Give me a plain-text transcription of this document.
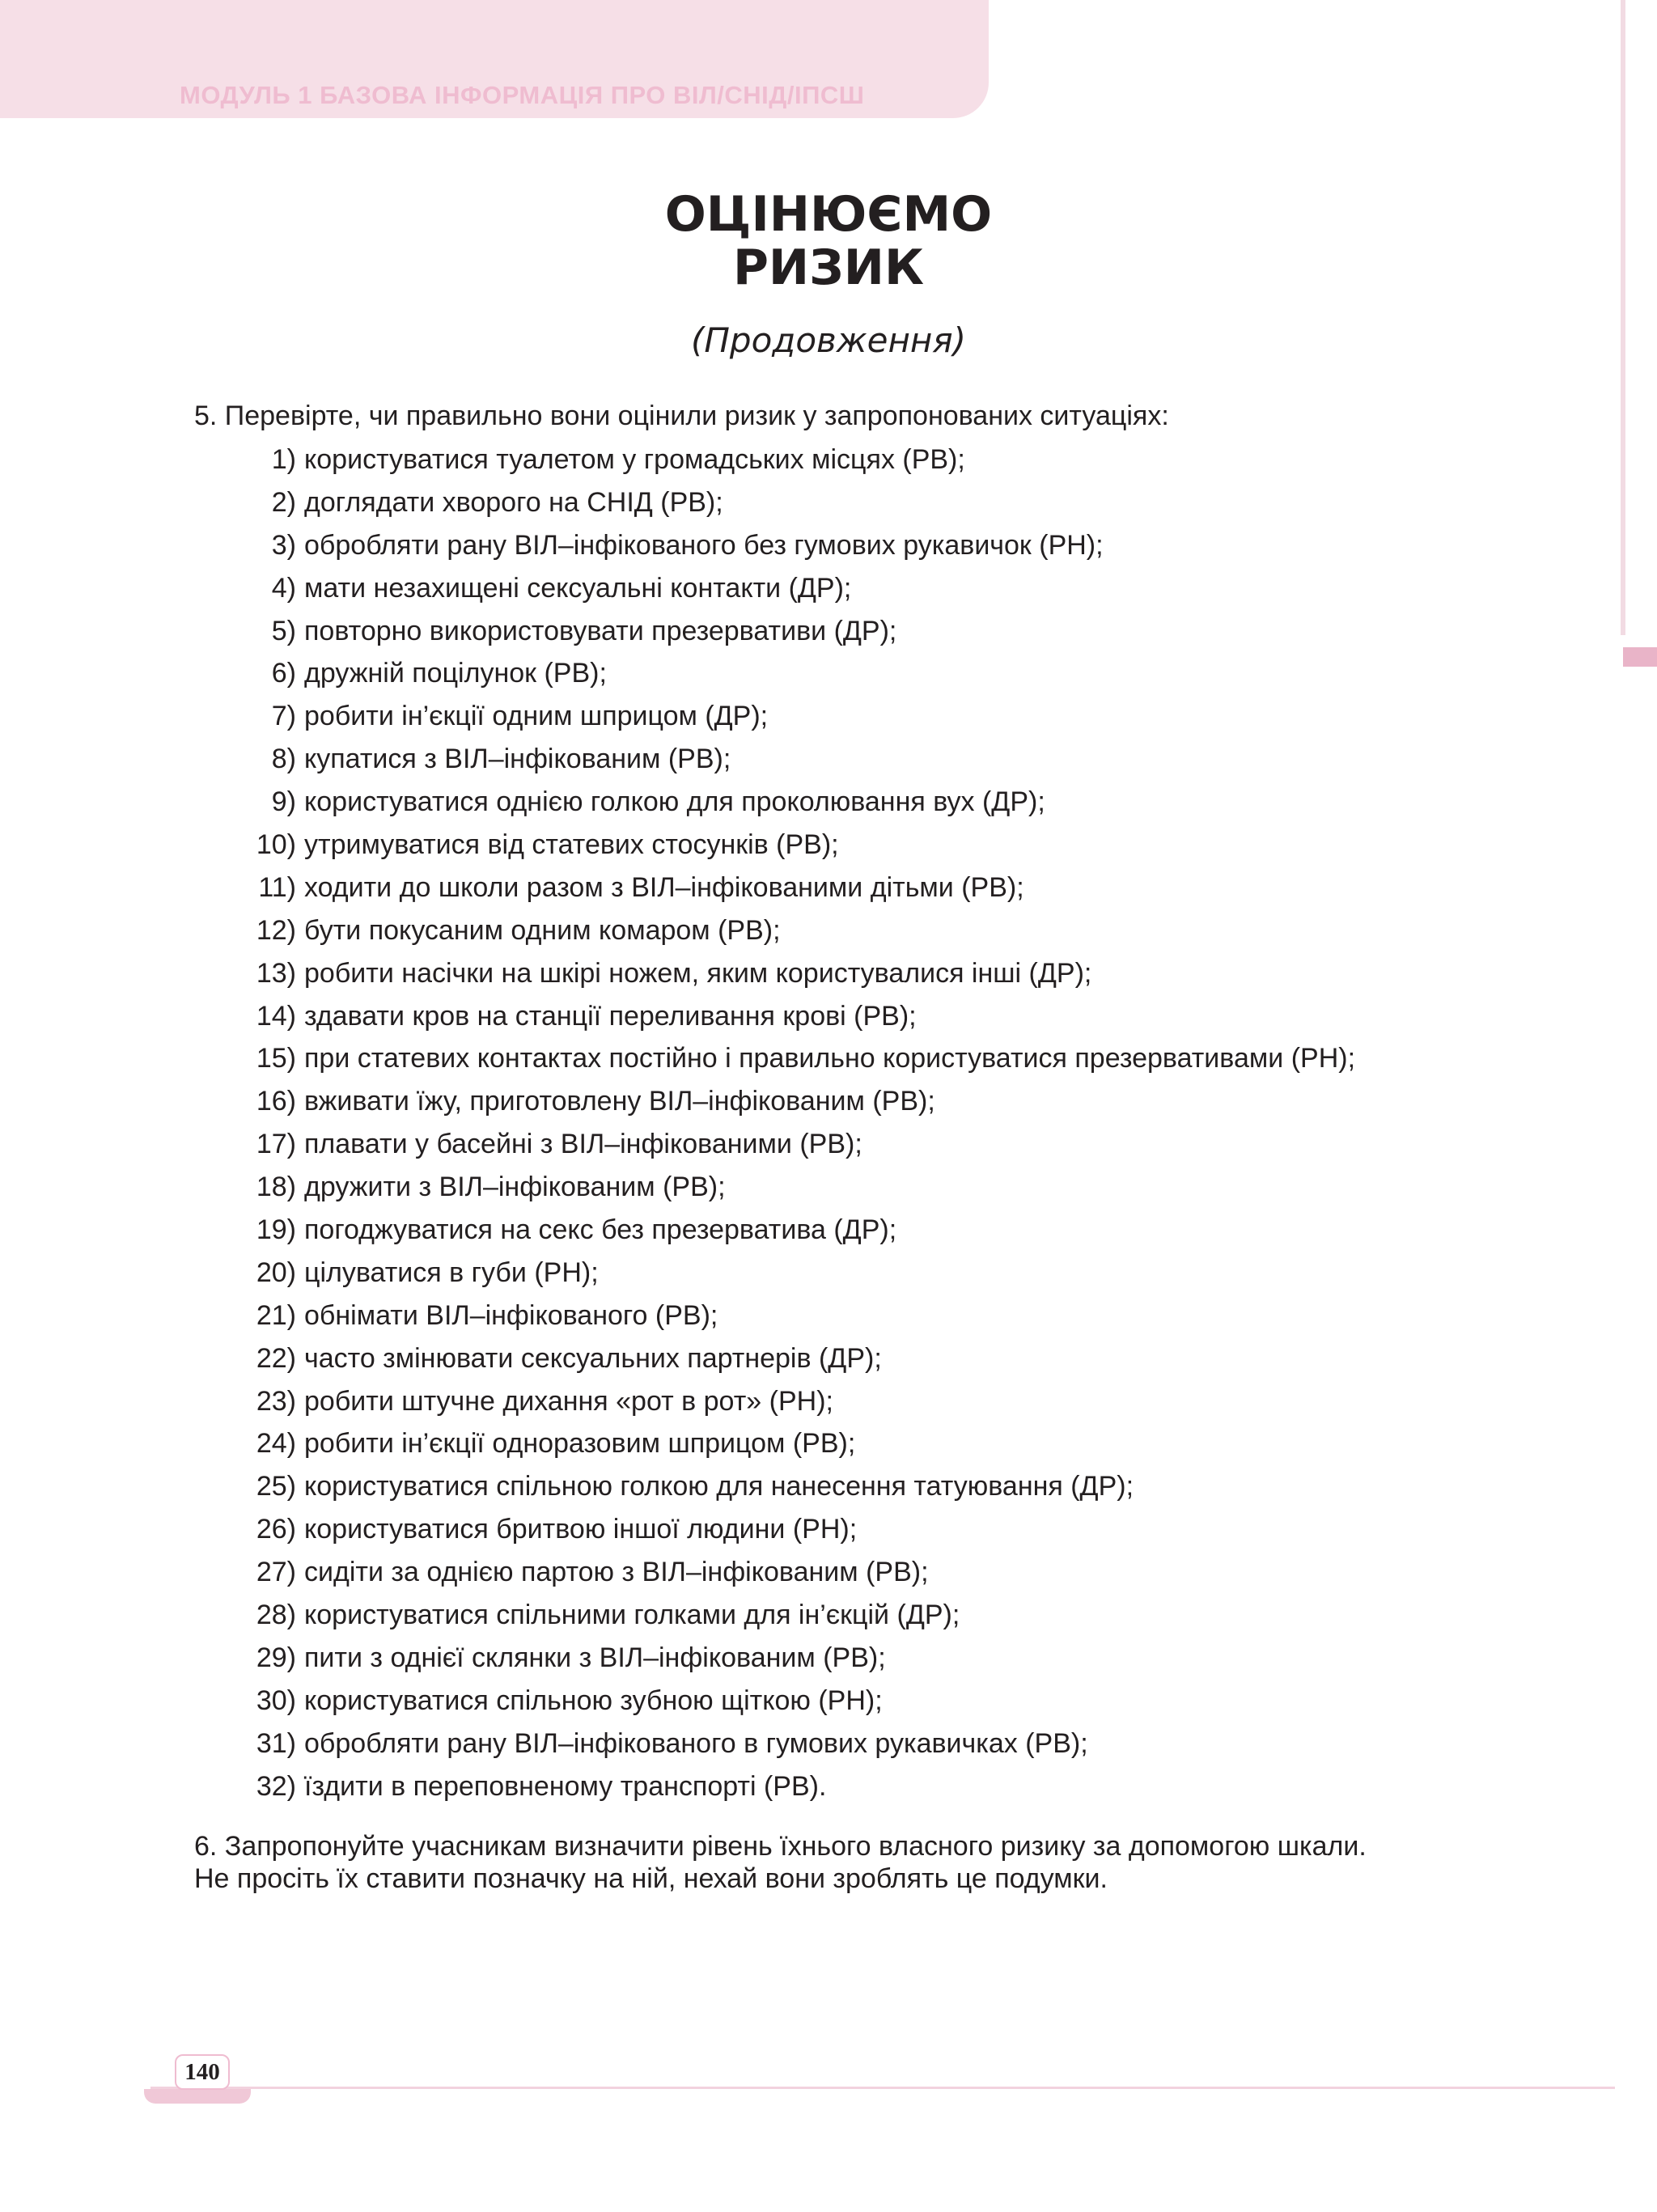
МОДУЛЬ 1 БАЗОВА ІНФОРМАЦІЯ ПРО ВІЛ/СНІД/ІПСШ
ОЦІНЮЄМО
РИЗИК
(Продовження)
5. Перевірте, чи правильно вони оцінили ризик у запропонованих ситуаціях:
1) користуватися туалетом у громадських місцях (РВ);
2) доглядати хворого на СНІД (РВ);
3) обробляти рану ВІЛ–інфікованого без гумових рукавичок (РН);
4) мати незахищені сексуальні контакти (ДР);
5) повторно використовувати презервативи (ДР);
6) дружній поцілунок (РВ);
7) робити ін’єкції одним шприцом (ДР);
8) купатися з ВІЛ–інфікованим (РВ);
9) користуватися однією голкою для проколювання вух (ДР);
10) утримуватися від статевих стосунків (РВ);
11) ходити до школи разом з ВІЛ–інфікованими дітьми (РВ);
12) бути покусаним одним комаром (РВ);
13) робити насічки на шкірі ножем, яким користувалися інші (ДР);
14) здавати кров на станції переливання крові (РВ);
15) при статевих контактах постійно і правильно користуватися презервативами (РН);
16) вживати їжу, приготовлену ВІЛ–інфікованим (РВ);
17) плавати у басейні з ВІЛ–інфікованими (РВ);
18) дружити з ВІЛ–інфікованим (РВ);
19) погоджуватися на секс без презерватива (ДР);
20) цілуватися в губи (РН);
21) обнімати ВІЛ–інфікованого (РВ);
22) часто змінювати сексуальних партнерів (ДР);
23) робити штучне дихання «рот в рот» (РН);
24) робити ін’єкції одноразовим шприцом (РВ);
25) користуватися спільною голкою для нанесення татуювання (ДР);
26) користуватися бритвою іншої людини (РН);
27) сидіти за однією партою з ВІЛ–інфікованим (РВ);
28) користуватися спільними голками для ін’єкцій (ДР);
29) пити з однієї склянки з ВІЛ–інфікованим (РВ);
30) користуватися спільною зубною щіткою (РН);
31) обробляти рану ВІЛ–інфікованого в гумових рукавичках (РВ);
32) їздити в переповненому транспорті (РВ).
6. Запропонуйте учасникам визначити рівень їхнього власного ризику за допомогою шкали.
Не просіть їх ставити позначку на ній, нехай вони зроблять це подумки.
140
